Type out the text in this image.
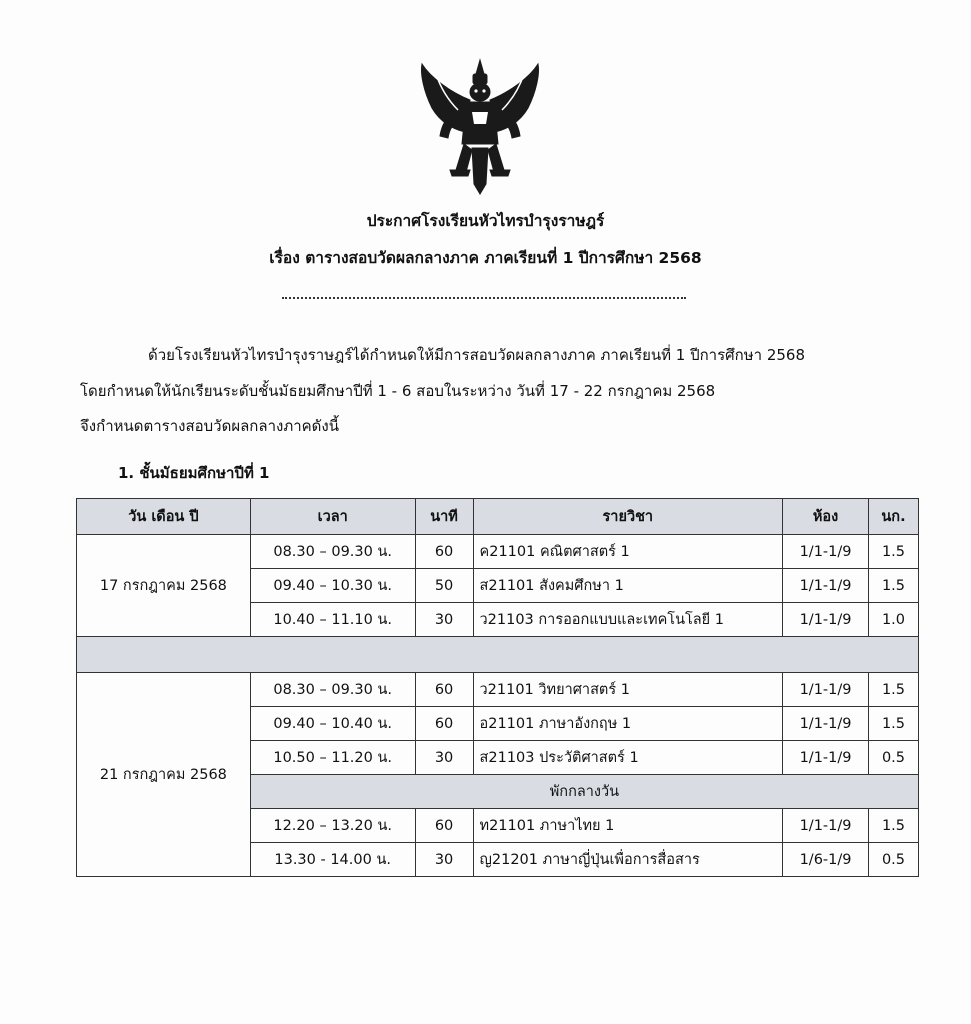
ประกาศโรงเรียนหัวไทรบำรุงราษฎร์
เรื่อง ตารางสอบวัดผลกลางภาค ภาคเรียนที่ 1 ปีการศึกษา 2568
ด้วยโรงเรียนหัวไทรบำรุงราษฎร์ได้กำหนดให้มีการสอบวัดผลกลางภาค ภาคเรียนที่ 1 ปีการศึกษา 2568
โดยกำหนดให้นักเรียนระดับชั้นมัธยมศึกษาปีที่ 1 - 6 สอบในระหว่าง วันที่ 17 - 22 กรกฎาคม 2568
จึงกำหนดตารางสอบวัดผลกลางภาคดังนี้
1. ชั้นมัธยมศึกษาปีที่ 1
วัน เดือน ปี	เวลา	นาที	รายวิชา	ห้อง	นก.
17 กรกฎาคม 2568	08.30 – 09.30 น.	60	ค21101 คณิตศาสตร์ 1	1/1-1/9	1.5
	09.40 – 10.30 น.	50	ส21101 สังคมศึกษา 1	1/1-1/9	1.5
	10.40 – 11.10 น.	30	ว21103 การออกแบบและเทคโนโลยี 1	1/1-1/9	1.0

21 กรกฎาคม 2568	08.30 – 09.30 น.	60	ว21101 วิทยาศาสตร์ 1	1/1-1/9	1.5
	09.40 – 10.40 น.	60	อ21101 ภาษาอังกฤษ 1	1/1-1/9	1.5
	10.50 – 11.20 น.	30	ส21103 ประวัติศาสตร์ 1	1/1-1/9	0.5
	พักกลางวัน				
	12.20 – 13.20 น.	60	ท21101 ภาษาไทย 1	1/1-1/9	1.5
	13.30 - 14.00 น.	30	ญ21201 ภาษาญี่ปุ่นเพื่อการสื่อสาร	1/6-1/9	0.5
